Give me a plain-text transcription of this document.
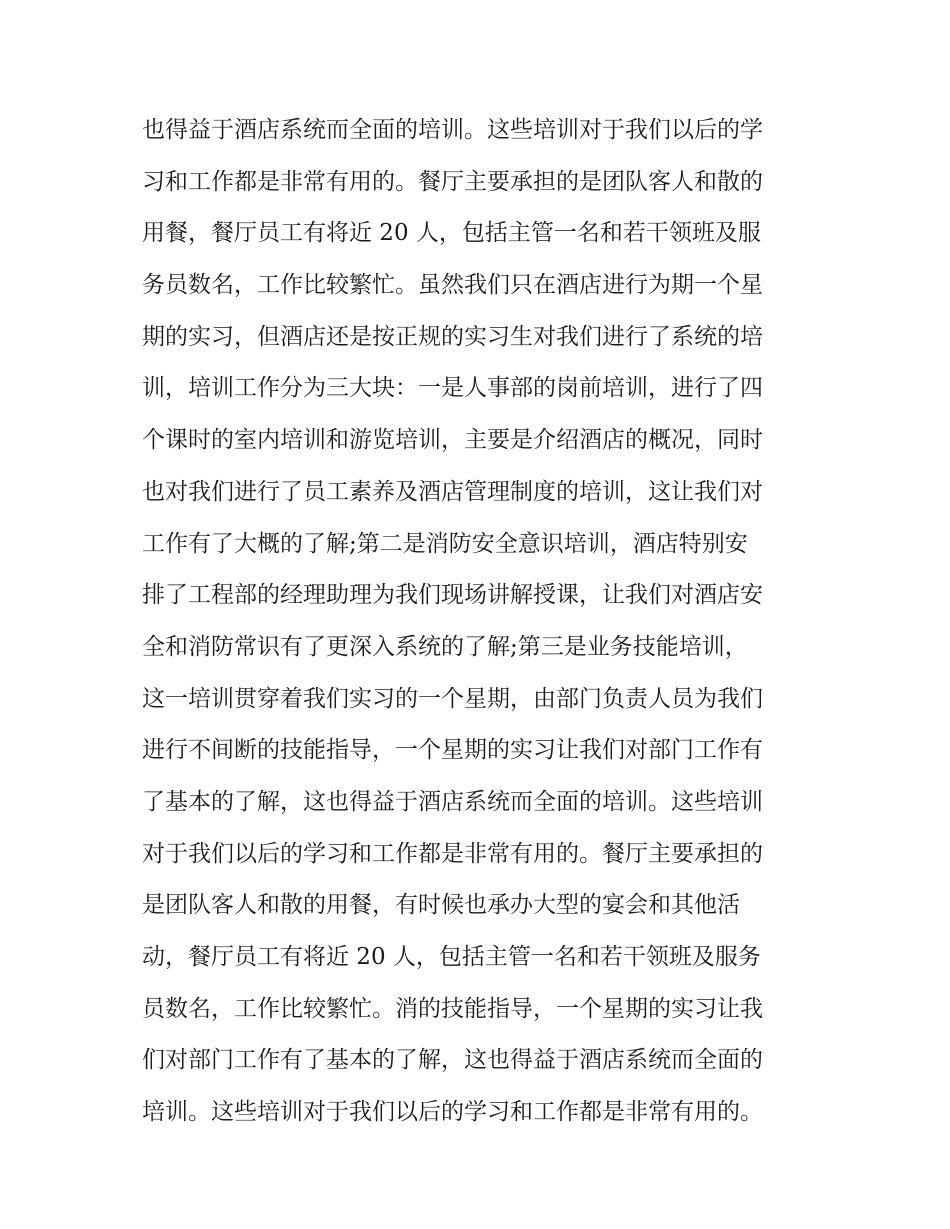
也得益于酒店系统而全面的培训。这些培训对于我们以后的学
习和工作都是非常有用的。餐厅主要承担的是团队客人和散的
用餐，餐厅员工有将近 20 人，包括主管一名和若干领班及服
务员数名，工作比较繁忙。虽然我们只在酒店进行为期一个星
期的实习，但酒店还是按正规的实习生对我们进行了系统的培
训，培训工作分为三大块：一是人事部的岗前培训，进行了四
个课时的室内培训和游览培训，主要是介绍酒店的概况，同时
也对我们进行了员工素养及酒店管理制度的培训，这让我们对
工作有了大概的了解;第二是消防安全意识培训，酒店特别安
排了工程部的经理助理为我们现场讲解授课，让我们对酒店安
全和消防常识有了更深入系统的了解;第三是业务技能培训，
这一培训贯穿着我们实习的一个星期，由部门负责人员为我们
进行不间断的技能指导，一个星期的实习让我们对部门工作有
了基本的了解，这也得益于酒店系统而全面的培训。这些培训
对于我们以后的学习和工作都是非常有用的。餐厅主要承担的
是团队客人和散的用餐，有时候也承办大型的宴会和其他活
动，餐厅员工有将近 20 人，包括主管一名和若干领班及服务
员数名，工作比较繁忙。消的技能指导，一个星期的实习让我
们对部门工作有了基本的了解，这也得益于酒店系统而全面的
培训。这些培训对于我们以后的学习和工作都是非常有用的。
